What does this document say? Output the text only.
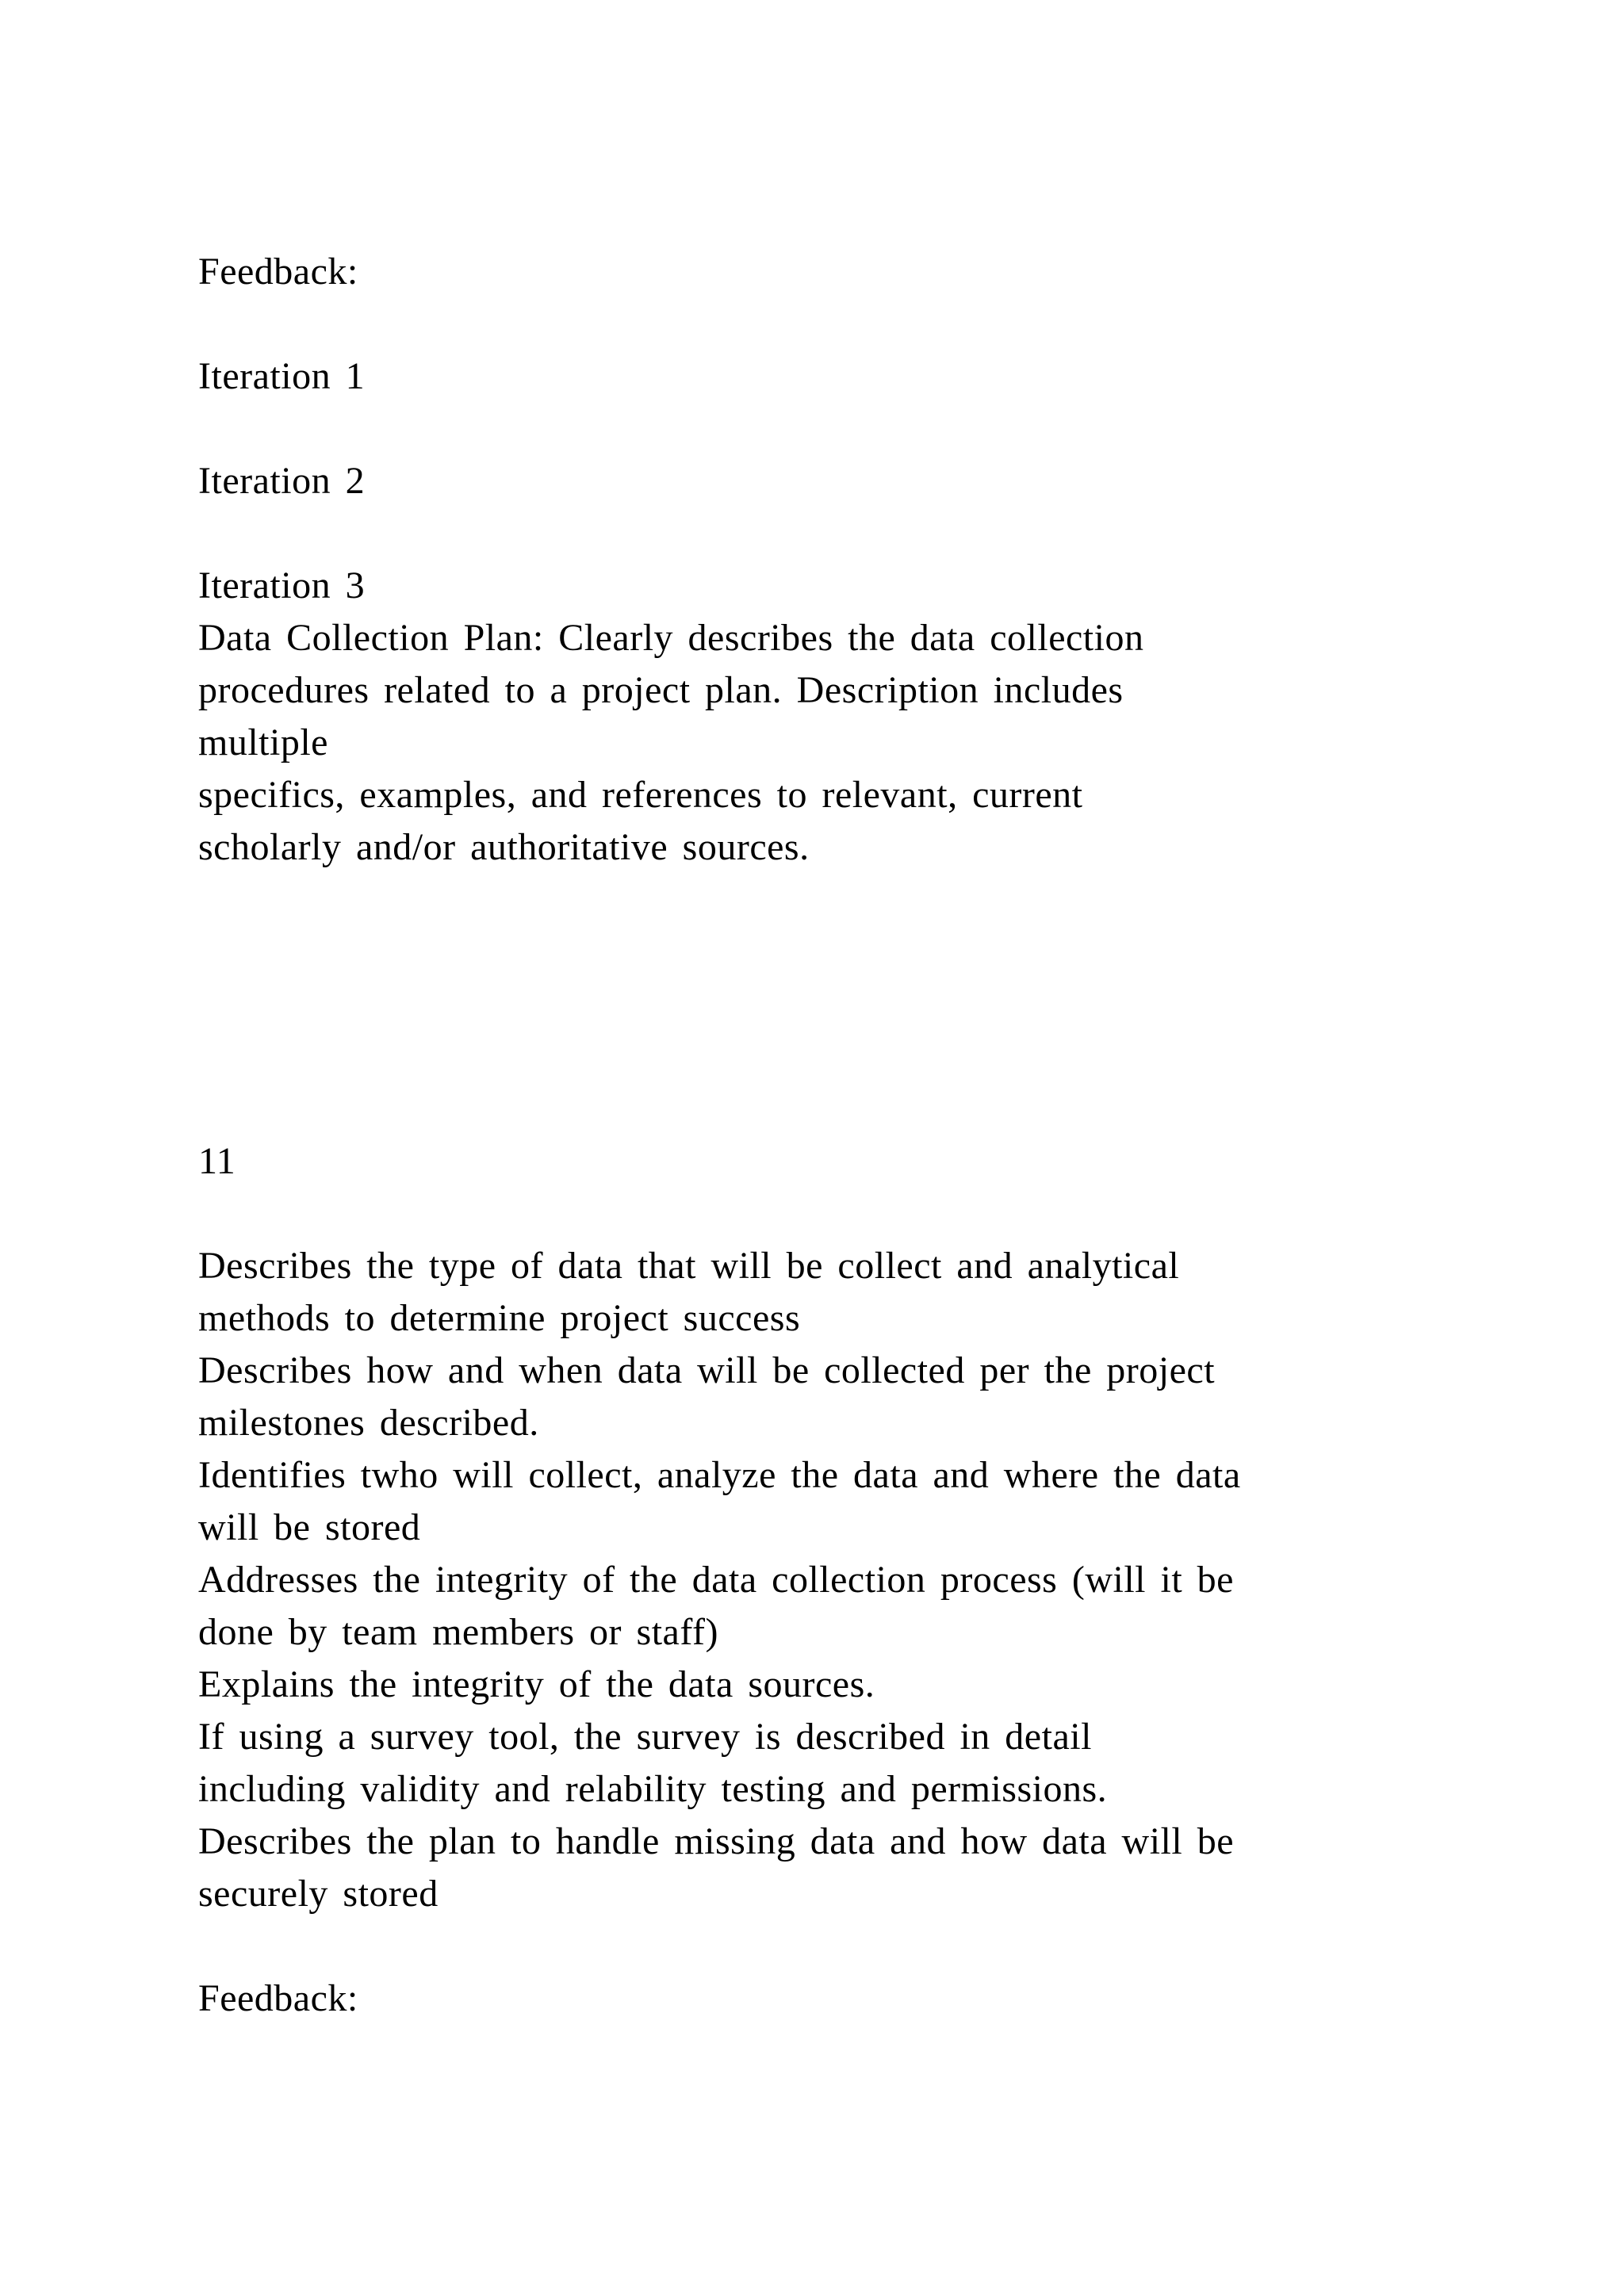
Feedback:

Iteration 1

Iteration 2

Iteration 3

Data Collection Plan: Clearly describes the data collection

procedures related to a project plan. Description includes

multiple

specifics, examples, and references to relevant, current

scholarly and/or authoritative sources.

11

Describes the type of data that will be collect and analytical

methods to determine project success

Describes how and when data will be collected per the project

milestones described.

Identifies twho will collect, analyze the data and where the data

will be stored

Addresses the integrity of the data collection process (will it be

done by team members or staff)

Explains the integrity of the data sources.

If using a survey tool, the survey is described in detail

including validity and relability testing and permissions.

Describes the plan to handle missing data and how data will be

securely stored

Feedback:
